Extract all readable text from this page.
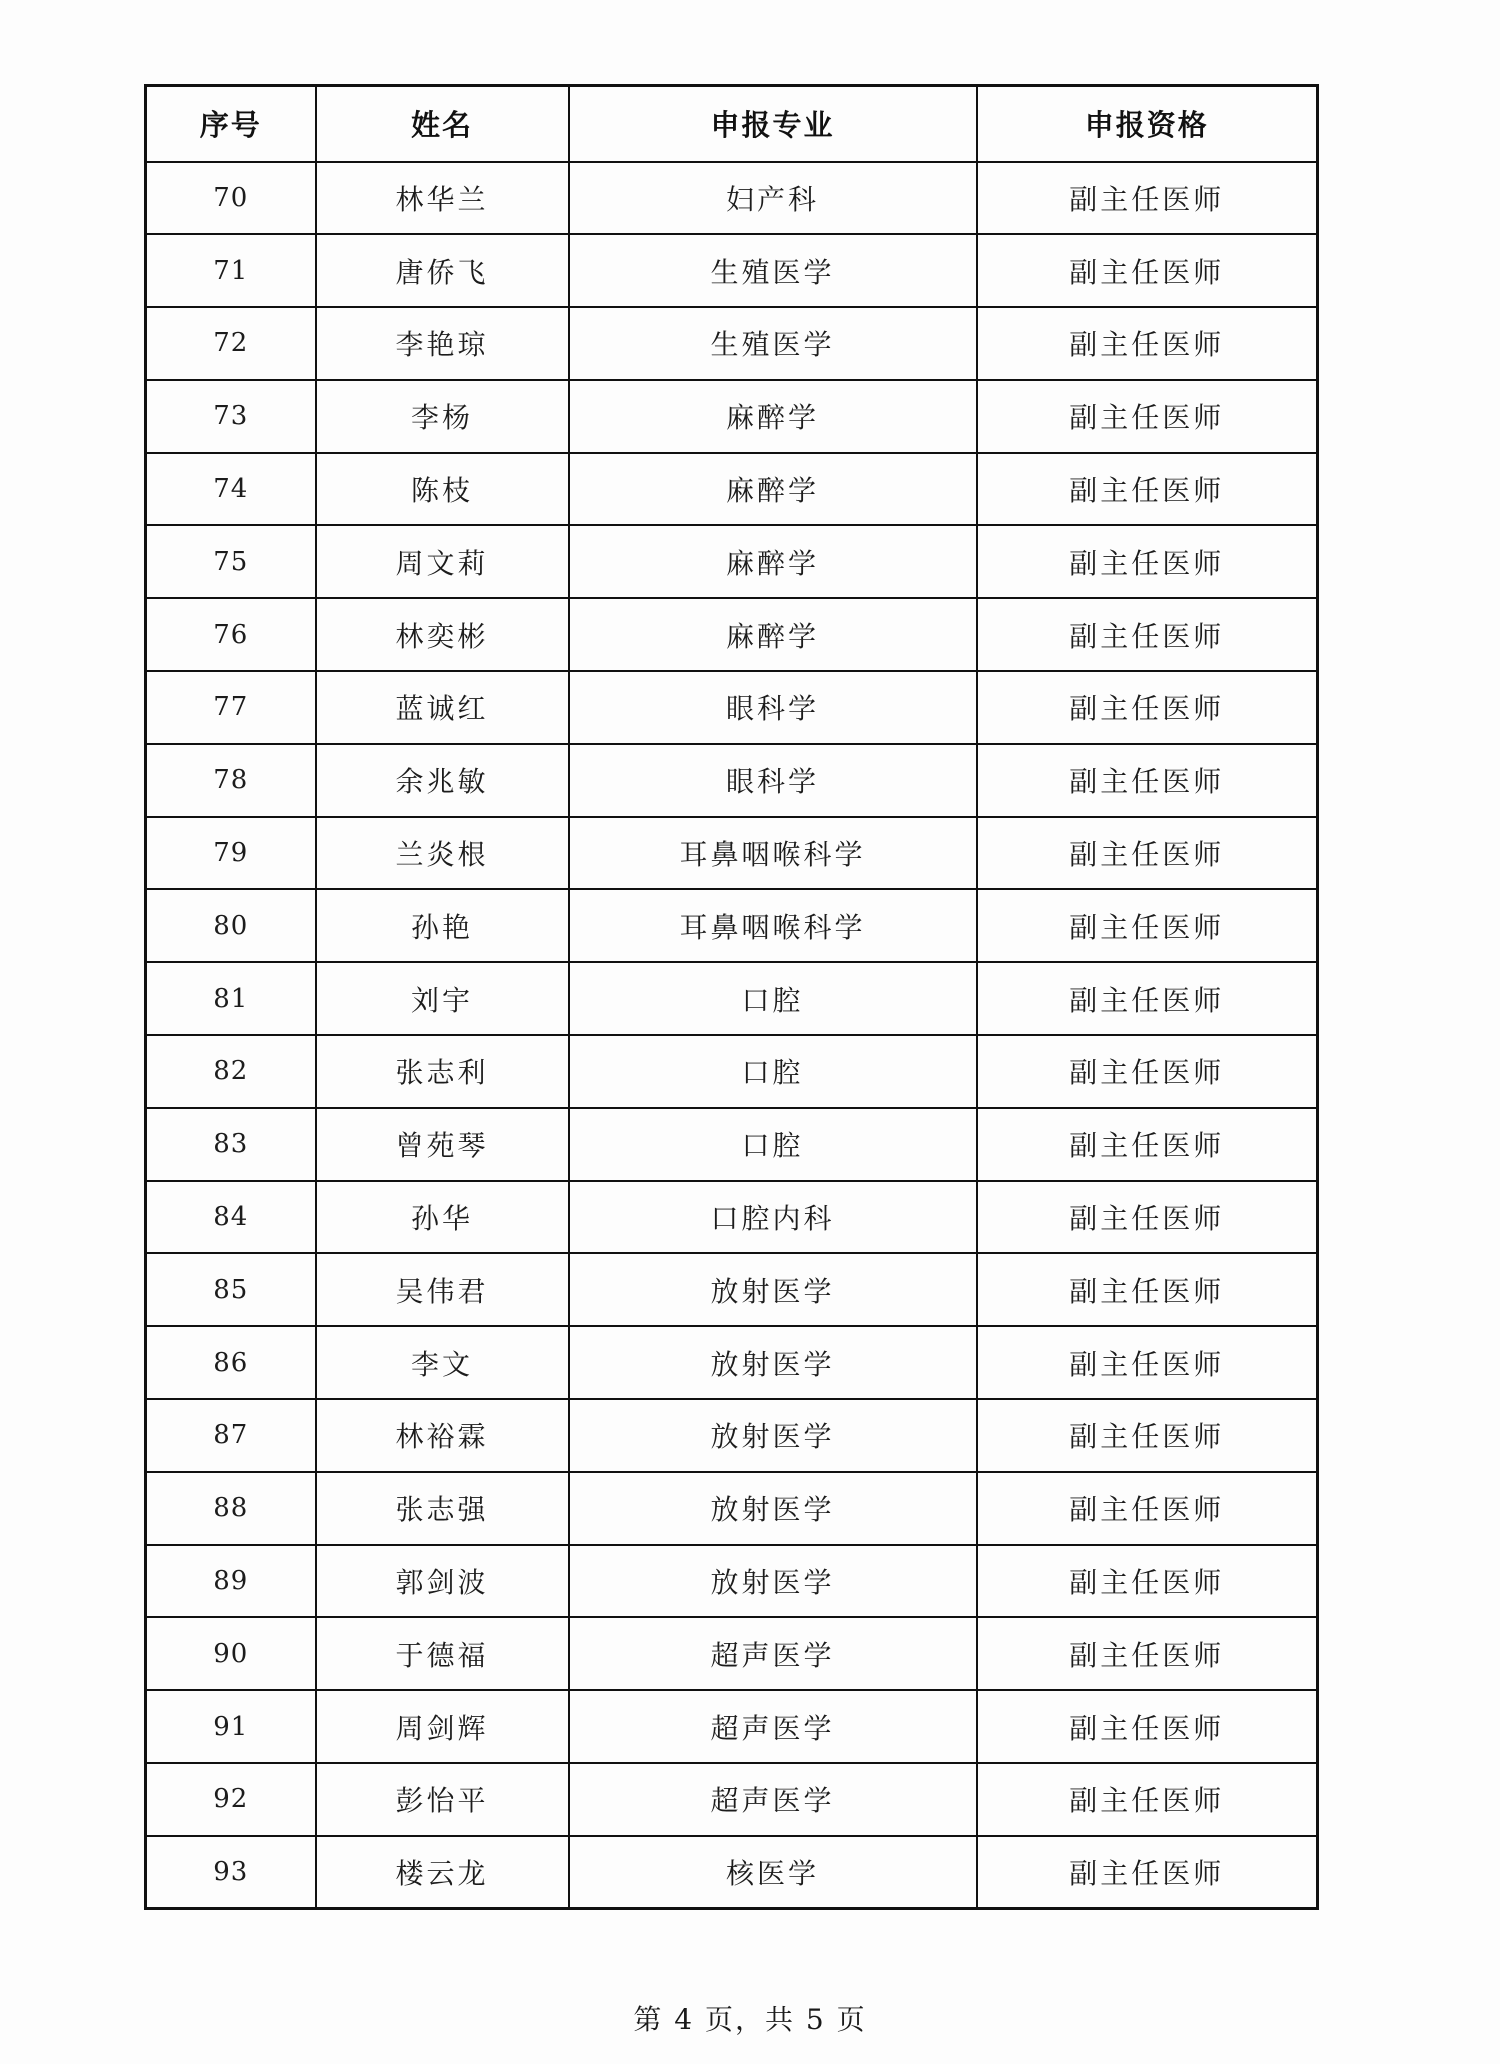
序号	姓名	申报专业	申报资格
70	林华兰	妇产科	副主任医师
71	唐侨飞	生殖医学	副主任医师
72	李艳琼	生殖医学	副主任医师
73	李杨	麻醉学	副主任医师
74	陈枝	麻醉学	副主任医师
75	周文莉	麻醉学	副主任医师
76	林奕彬	麻醉学	副主任医师
77	蓝诚红	眼科学	副主任医师
78	余兆敏	眼科学	副主任医师
79	兰炎根	耳鼻咽喉科学	副主任医师
80	孙艳	耳鼻咽喉科学	副主任医师
81	刘宇	口腔	副主任医师
82	张志利	口腔	副主任医师
83	曾苑琴	口腔	副主任医师
84	孙华	口腔内科	副主任医师
85	吴伟君	放射医学	副主任医师
86	李文	放射医学	副主任医师
87	林裕霖	放射医学	副主任医师
88	张志强	放射医学	副主任医师
89	郭剑波	放射医学	副主任医师
90	于德福	超声医学	副主任医师
91	周剑辉	超声医学	副主任医师
92	彭怡平	超声医学	副主任医师
93	楼云龙	核医学	副主任医师
第 4 页，共 5 页
